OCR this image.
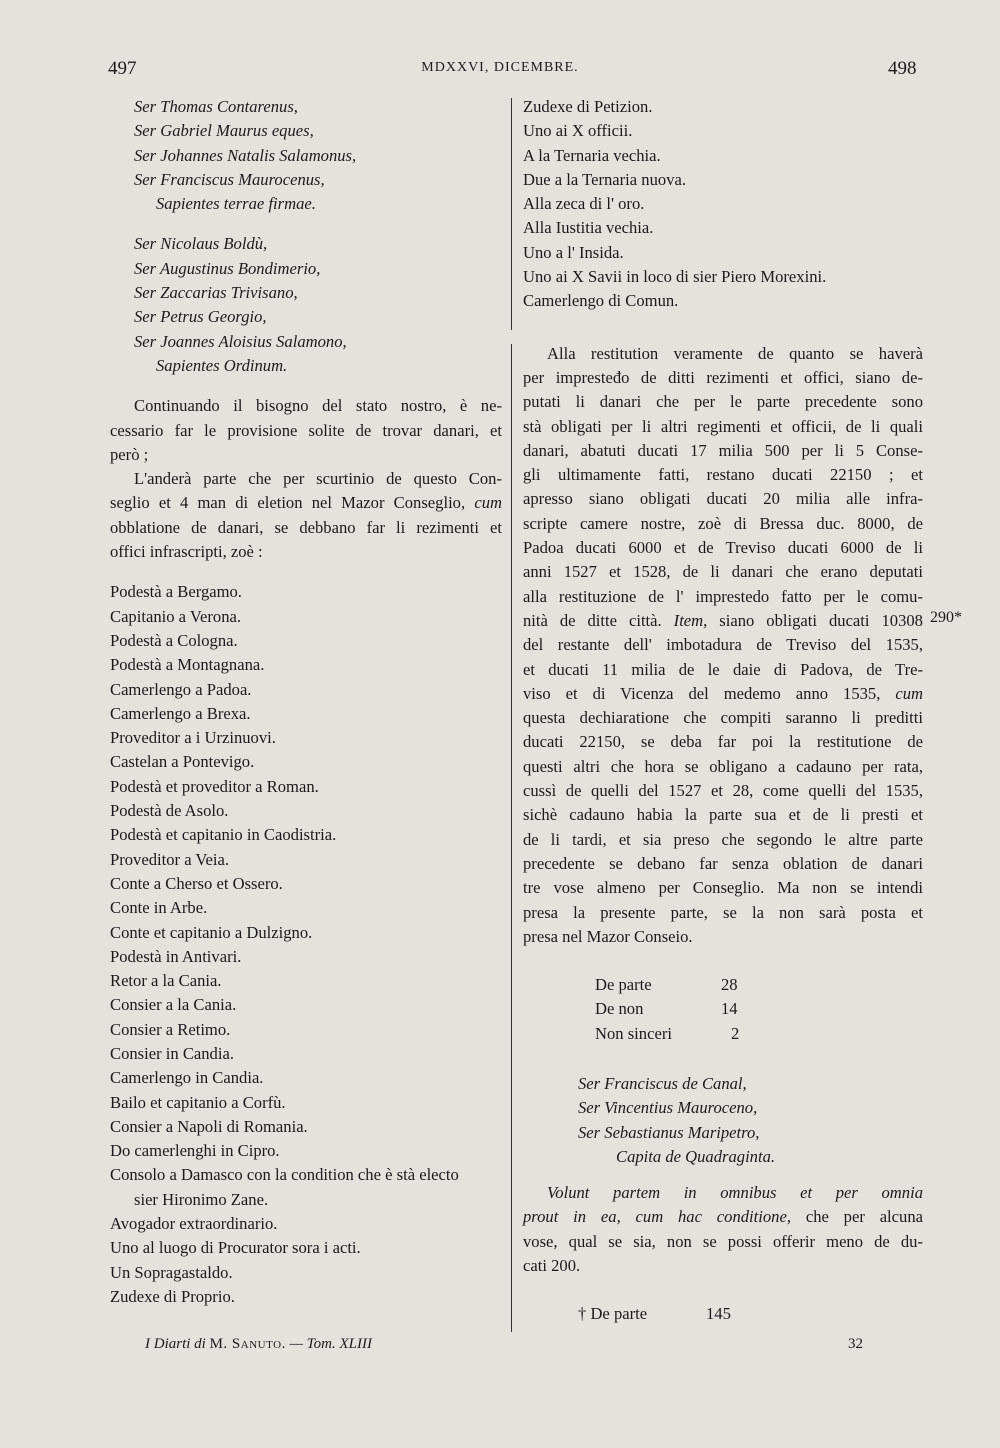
497	MDXXVI, DICEMBRE.	498
Ser Thomas Contarenus,
Ser Gabriel Maurus eques,
Ser Johannes Natalis Salamonus,
Ser Franciscus Maurocenus,
Sapientes terrae firmae.
Ser Nicolaus Boldù,
Ser Augustinus Bondimerio,
Ser Zaccarias Trivisano,
Ser Petrus Georgio,
Ser Joannes Aloisius Salamono,
Sapientes Ordinum.
Continuando il bisogno del stato nostro, è ne-
cessario far le provisione solite de trovar danari, et
però ;
L'anderà parte che per scurtinio de questo Con-
seglio et 4 man di eletion nel Mazor Conseglio, cum
obblatione de danari, se debbano far li rezimenti et
offici infrascripti, zoè :
Podestà a Bergamo.
Capitanio a Verona.
Podestà a Cologna.
Podestà a Montagnana.
Camerlengo a Padoa.
Camerlengo a Brexa.
Proveditor a i Urzinuovi.
Castelan a Pontevigo.
Podestà et proveditor a Roman.
Podestà de Asolo.
Podestà et capitanio in Caodistria.
Proveditor a Veia.
Conte a Cherso et Ossero.
Conte in Arbe.
Conte et capitanio a Dulzigno.
Podestà in Antivari.
Retor a la Cania.
Consier a la Cania.
Consier a Retimo.
Consier in Candia.
Camerlengo in Candia.
Bailo et capitanio a Corfù.
Consier a Napoli di Romania.
Do camerlenghi in Cipro.
Consolo a Damasco con la condition che è stà electo
sier Hironimo Zane.
Avogador extraordinario.
Uno al luogo di Procurator sora i acti.
Un Sopragastaldo.
Zudexe di Proprio.
Zudexe di Petizion.
Uno ai X officii.
A la Ternaria vechia.
Due a la Ternaria nuova.
Alla zeca di l' oro.
Alla Iustitia vechia.
Uno a l' Insida.
Uno ai X Savii in loco di sier Piero Morexini.
Camerlengo di Comun.
Alla restitution veramente de quanto se haverà
per impresteđo de ditti rezimenti et offici, siano de-
putati li danari che per le parte precedente sono
stà obligati per li altri regimenti et officii, de li quali
danari, abatuti ducati 17 milia 500 per li 5 Conse-
gli ultimamente fatti, restano ducati 22150 ; et
apresso siano obligati ducati 20 milia alle infra-
scripte camere nostre, zoè di Bressa duc. 8000, de
Padoa ducati 6000 et de Treviso ducati 6000 de li
anni 1527 et 1528, de li danari che erano deputati
alla restituzione de l' imprestedo fatto per le comu-
nità de ditte città. Item, siano obligati ducati 10308
del restante dell' imbotadura de Treviso del 1535,
et ducati 11 milia de le daie di Padova, de Tre-
viso et di Vicenza del medemo anno 1535, cum
questa dechiaratione che compiti saranno li preditti
ducati 22150, se deba far poi la restitutione de
questi altri che hora se obligano a cadauno per rata,
cussì de quelli del 1527 et 28, come quelli del 1535,
sichè cadauno habia la parte sua et de li presti et
de li tardi, et sia preso che segondo le altre parte
precedente se debano far senza oblation de danari
tre vose almeno per Conseglio. Ma non se intendi
presa la presente parte, se la non sarà posta et
presa nel Mazor Conseio.
De parte	28
De non	14
Non sinceri	2
Ser Franciscus de Canal,
Ser Vincentius Mauroceno,
Ser Sebastianus Maripetro,
Capita de Quadraginta.
Volunt partem in omnibus et per omnia
prout in ea, cum hac conditione, che per alcuna
vose, qual se sia, non se possi offerir meno de du-
cati 200.
† De parte	145
290*
I Diarti di M. Sanuto. — Tom. XLIII	32
